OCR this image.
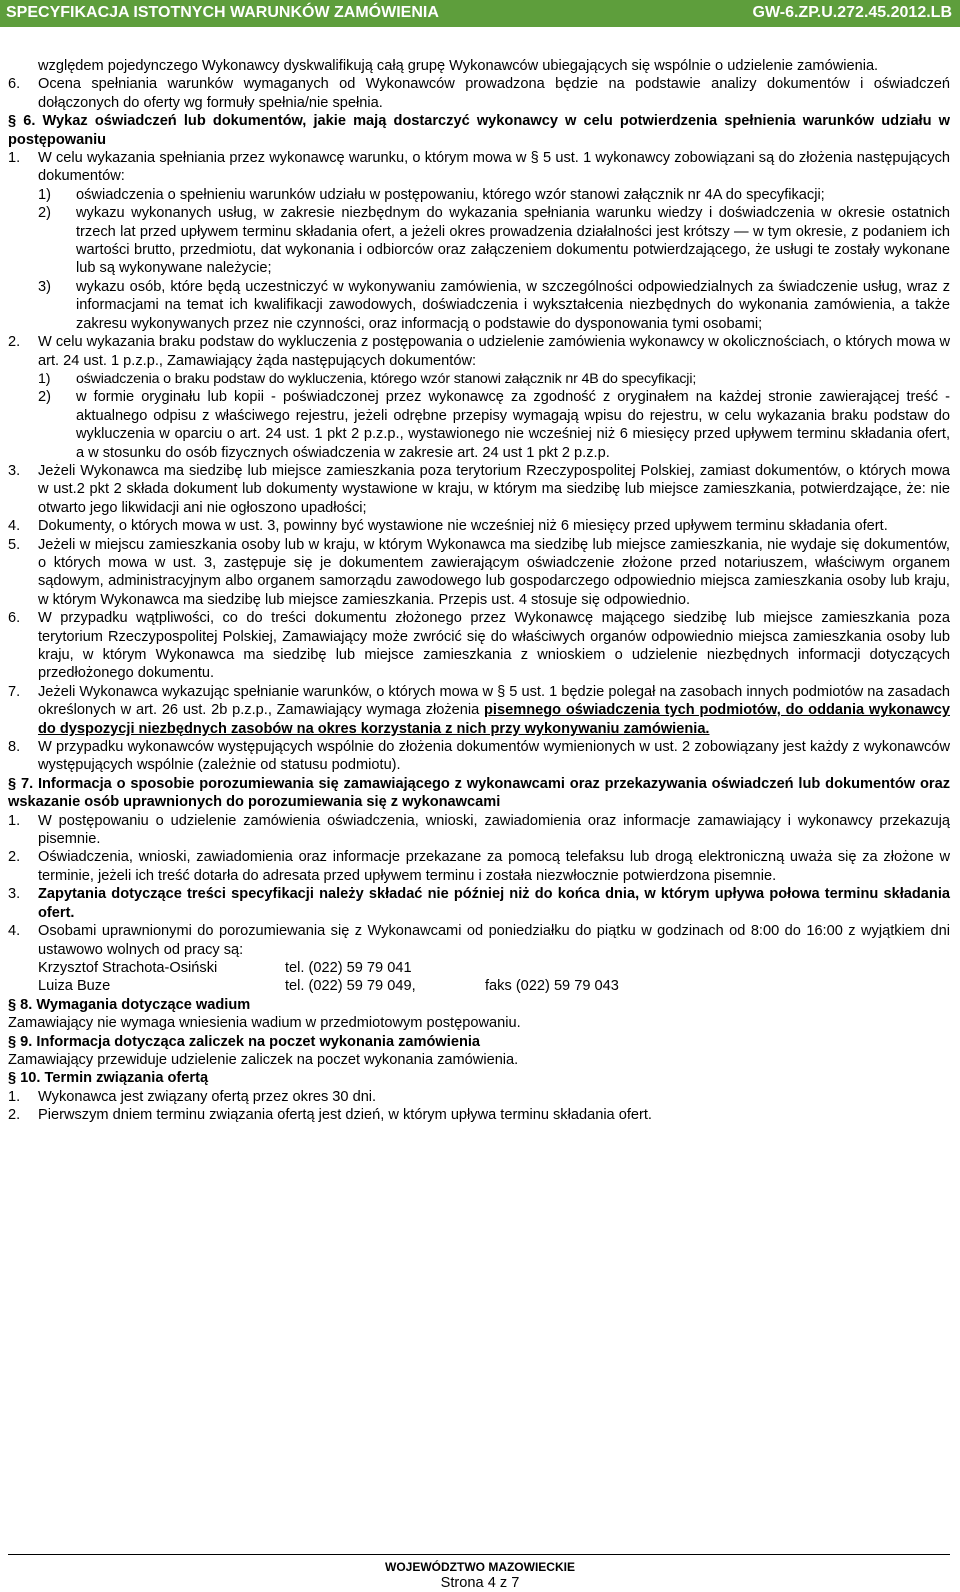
SPECYFIKACJA ISTOTNYCH WARUNKÓW ZAMÓWIENIA	GW-6.ZP.U.272.45.2012.LB

względem pojedynczego Wykonawcy dyskwalifikują całą grupę Wykonawców ubiegających się wspólnie o udzielenie zamówienia.

6.	Ocena spełniania warunków wymaganych od Wykonawców prowadzona będzie na podstawie analizy dokumentów i oświadczeń dołączonych do oferty wg formuły spełnia/nie spełnia.

§ 6. Wykaz oświadczeń lub dokumentów, jakie mają dostarczyć wykonawcy w celu potwierdzenia spełnienia warunków udziału w postępowaniu

1.	W celu wykazania spełniania przez wykonawcę warunku, o którym mowa w § 5 ust. 1 wykonawcy zobowiązani są do złożenia następujących dokumentów:
1)	oświadczenia o spełnieniu warunków udziału w postępowaniu, którego wzór stanowi załącznik nr 4A do specyfikacji;
2)	wykazu wykonanych usług, w zakresie niezbędnym do wykazania spełniania warunku wiedzy i doświadczenia w okresie ostatnich trzech lat przed upływem terminu składania ofert, a jeżeli okres prowadzenia działalności jest krótszy — w tym okresie, z podaniem ich wartości brutto, przedmiotu, dat wykonania i odbiorców oraz załączeniem dokumentu potwierdzającego, że usługi te zostały wykonane lub są wykonywane należycie;
3)	wykazu osób, które będą uczestniczyć w wykonywaniu zamówienia, w szczególności odpowiedzialnych za świadczenie usług, wraz z informacjami na temat ich kwalifikacji zawodowych, doświadczenia i wykształcenia niezbędnych do wykonania zamówienia, a także zakresu wykonywanych przez nie czynności, oraz informacją o podstawie do dysponowania tymi osobami;
2.	W celu wykazania braku podstaw do wykluczenia z postępowania o udzielenie zamówienia wykonawcy w okolicznościach, o których mowa w art. 24 ust. 1 p.z.p., Zamawiający żąda następujących dokumentów:
1)	oświadczenia o braku podstaw do wykluczenia, którego wzór stanowi załącznik nr 4B do specyfikacji;
2)	w formie oryginału lub kopii - poświadczonej przez wykonawcę za zgodność z oryginałem na każdej stronie zawierającej treść - aktualnego odpisu z właściwego rejestru, jeżeli odrębne przepisy wymagają wpisu do rejestru, w celu wykazania braku podstaw do wykluczenia w oparciu o art. 24 ust. 1 pkt 2 p.z.p., wystawionego nie wcześniej niż 6 miesięcy przed upływem terminu składania ofert, a w stosunku do osób fizycznych oświadczenia w zakresie art. 24 ust 1 pkt 2 p.z.p.
3.	Jeżeli Wykonawca ma siedzibę lub miejsce zamieszkania poza terytorium Rzeczypospolitej Polskiej, zamiast dokumentów, o których mowa w ust.2 pkt 2 składa dokument lub dokumenty wystawione w kraju, w którym ma siedzibę lub miejsce zamieszkania, potwierdzające, że: nie otwarto jego likwidacji ani nie ogłoszono upadłości;
4.	Dokumenty, o których mowa w ust. 3, powinny być wystawione nie wcześniej niż 6 miesięcy przed upływem terminu składania ofert.
5.	Jeżeli w miejscu zamieszkania osoby lub w kraju, w którym Wykonawca ma siedzibę lub miejsce zamieszkania, nie wydaje się dokumentów, o których mowa w ust. 3, zastępuje się je dokumentem zawierającym oświadczenie złożone przed notariuszem, właściwym organem sądowym, administracyjnym albo organem samorządu zawodowego lub gospodarczego odpowiednio miejsca zamieszkania osoby lub kraju, w którym Wykonawca ma siedzibę lub miejsce zamieszkania. Przepis ust. 4 stosuje się odpowiednio.
6.	W przypadku wątpliwości, co do treści dokumentu złożonego przez Wykonawcę mającego siedzibę lub miejsce zamieszkania poza terytorium Rzeczypospolitej Polskiej, Zamawiający może zwrócić się do właściwych organów odpowiednio miejsca zamieszkania osoby lub kraju, w którym Wykonawca ma siedzibę lub miejsce zamieszkania z wnioskiem o udzielenie niezbędnych informacji dotyczących przedłożonego dokumentu.
7.	Jeżeli Wykonawca wykazując spełnianie warunków, o których mowa w § 5 ust. 1 będzie polegał na zasobach innych podmiotów na zasadach określonych w art. 26 ust. 2b p.z.p., Zamawiający wymaga złożenia pisemnego oświadczenia tych podmiotów, do oddania wykonawcy do dyspozycji niezbędnych zasobów na okres korzystania z nich przy wykonywaniu zamówienia.
8.	W przypadku wykonawców występujących wspólnie do złożenia dokumentów wymienionych w ust. 2 zobowiązany jest każdy z wykonawców występujących wspólnie (zależnie od statusu podmiotu).

§ 7. Informacja o sposobie porozumiewania się zamawiającego z wykonawcami oraz przekazywania oświadczeń lub dokumentów oraz wskazanie osób uprawnionych do porozumiewania się z wykonawcami

1.	W postępowaniu o udzielenie zamówienia oświadczenia, wnioski, zawiadomienia oraz informacje zamawiający i wykonawcy przekazują pisemnie.
2.	Oświadczenia, wnioski, zawiadomienia oraz informacje przekazane za pomocą telefaksu lub drogą elektroniczną uważa się za złożone w terminie, jeżeli ich treść dotarła do adresata przed upływem terminu i została niezwłocznie potwierdzona pisemnie.
3.	Zapytania dotyczące treści specyfikacji należy składać nie później niż do końca dnia, w którym upływa połowa terminu składania ofert.
4.	Osobami uprawnionymi do porozumiewania się z Wykonawcami od poniedziałku do piątku w godzinach od 8:00 do 16:00 z wyjątkiem dni ustawowo wolnych od pracy są:
Krzysztof Strachota-Osiński	tel. (022) 59 79 041
Luiza Buze	tel. (022) 59 79 049,	faks (022) 59 79 043

§ 8. Wymagania dotyczące wadium

Zamawiający nie wymaga wniesienia wadium w przedmiotowym postępowaniu.

§ 9. Informacja dotycząca zaliczek na poczet wykonania zamówienia

Zamawiający przewiduje udzielenie zaliczek na poczet wykonania zamówienia.

§ 10. Termin związania ofertą

1.	Wykonawca jest związany ofertą przez okres 30 dni.
2.	Pierwszym dniem terminu związania ofertą jest dzień, w którym upływa terminu składania ofert.
WOJEWÓDZTWO MAZOWIECKIE
Strona 4 z 7
